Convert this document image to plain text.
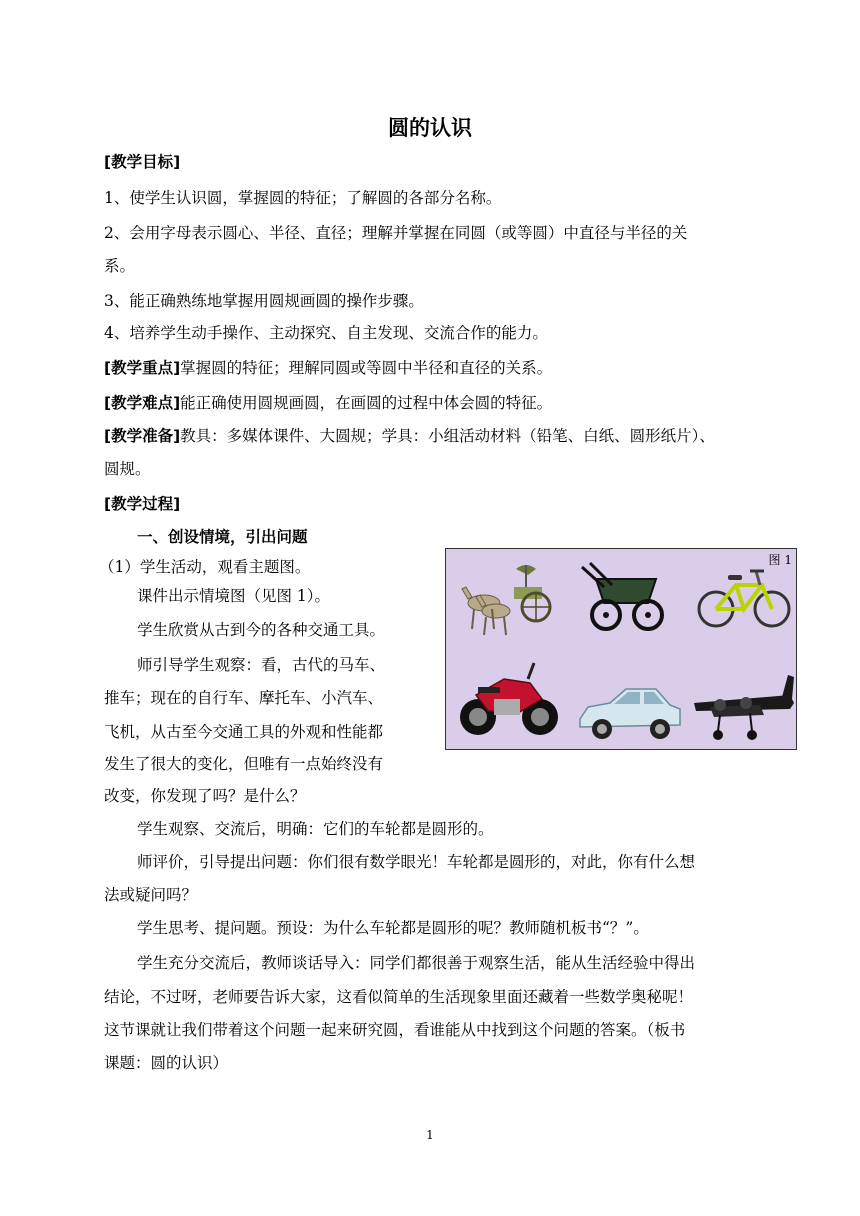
圆的认识
[教学目标]
1、使学生认识圆，掌握圆的特征；了解圆的各部分名称。
2、会用字母表示圆心、半径、直径；理解并掌握在同圆（或等圆）中直径与半径的关
系。
3、能正确熟练地掌握用圆规画圆的操作步骤。
4、培养学生动手操作、主动探究、自主发现、交流合作的能力。
[教学重点]掌握圆的特征；理解同圆或等圆中半径和直径的关系。
[教学难点]能正确使用圆规画圆，在画圆的过程中体会圆的特征。
[教学准备]教具：多媒体课件、大圆规；学具：小组活动材料（铅笔、白纸、圆形纸片）、
圆规。
[教学过程]
一、创设情境，引出问题
（1）学生活动，观看主题图。
课件出示情境图（见图 1）。
学生欣赏从古到今的各种交通工具。
师引导学生观察：看，古代的马车、
推车；现在的自行车、摩托车、小汽车、
飞机，从古至今交通工具的外观和性能都
发生了很大的变化，但唯有一点始终没有
改变，你发现了吗？是什么？
图 1
学生观察、交流后，明确：它们的车轮都是圆形的。
师评价，引导提出问题：你们很有数学眼光！车轮都是圆形的，对此，你有什么想
法或疑问吗？
学生思考、提问题。预设：为什么车轮都是圆形的呢？教师随机板书“？”。
学生充分交流后，教师谈话导入：同学们都很善于观察生活，能从生活经验中得出
结论，不过呀，老师要告诉大家，这看似简单的生活现象里面还藏着一些数学奥秘呢！
这节课就让我们带着这个问题一起来研究圆，看谁能从中找到这个问题的答案。（板书
课题：圆的认识）
1
